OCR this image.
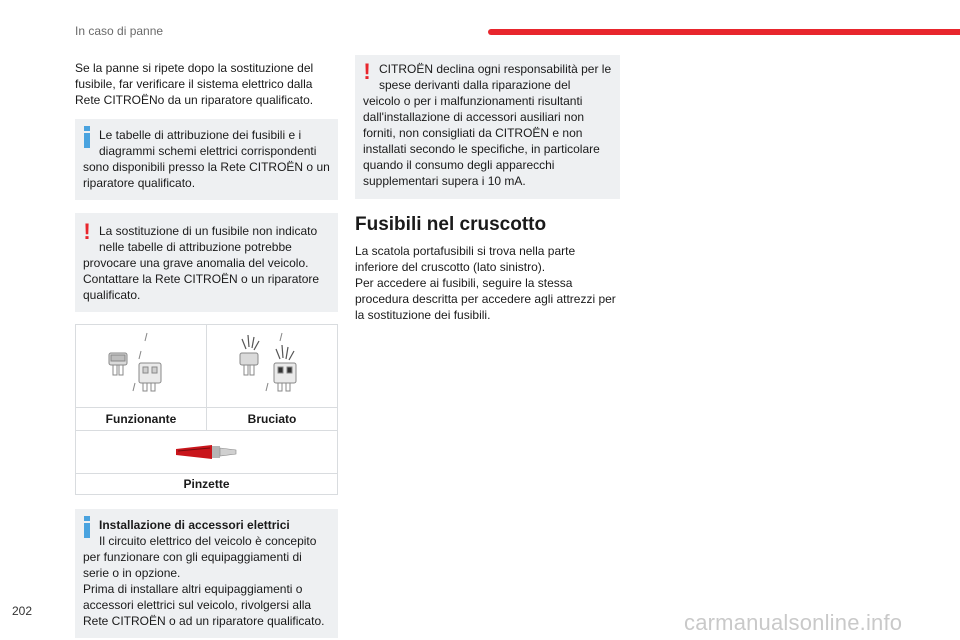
In caso di panne

Se la panne si ripete dopo la sostituzione del fusibile, far verificare il sistema elettrico dalla Rete CITROËNo da un riparatore qualificato.

Le tabelle di attribuzione dei fusibili e i diagrammi schemi elettrici corrispondenti

sono disponibili presso la Rete CITROËN o un riparatore qualificato.

! La sostituzione di un fusibile non indicato nelle tabelle di attribuzione potrebbe

provocare una grave anomalia del veicolo. Contattare la Rete CITROËN o un riparatore qualificato.

Funzionante	Bruciato
Pinzette

Installazione di accessori elettrici

Il circuito elettrico del veicolo è concepito

per funzionare con gli equipaggiamenti di serie o in opzione.

Prima di installare altri equipaggiamenti o accessori elettrici sul veicolo, rivolgersi alla Rete CITROËN o ad un riparatore qualificato.

! CITROËN declina ogni responsabilità per le spese derivanti dalla riparazione del

veicolo o per i malfunzionamenti risultanti dall'installazione di accessori ausiliari non forniti, non consigliati da CITROËN e non installati secondo le specifiche, in particolare quando il consumo degli apparecchi supplementari supera i 10 mA.

Fusibili nel cruscotto

La scatola portafusibili si trova nella parte inferiore del cruscotto (lato sinistro).

Per accedere ai fusibili, seguire la stessa procedura descritta per accedere agli attrezzi per la sostituzione dei fusibili.

202	carmanualsonline.info
